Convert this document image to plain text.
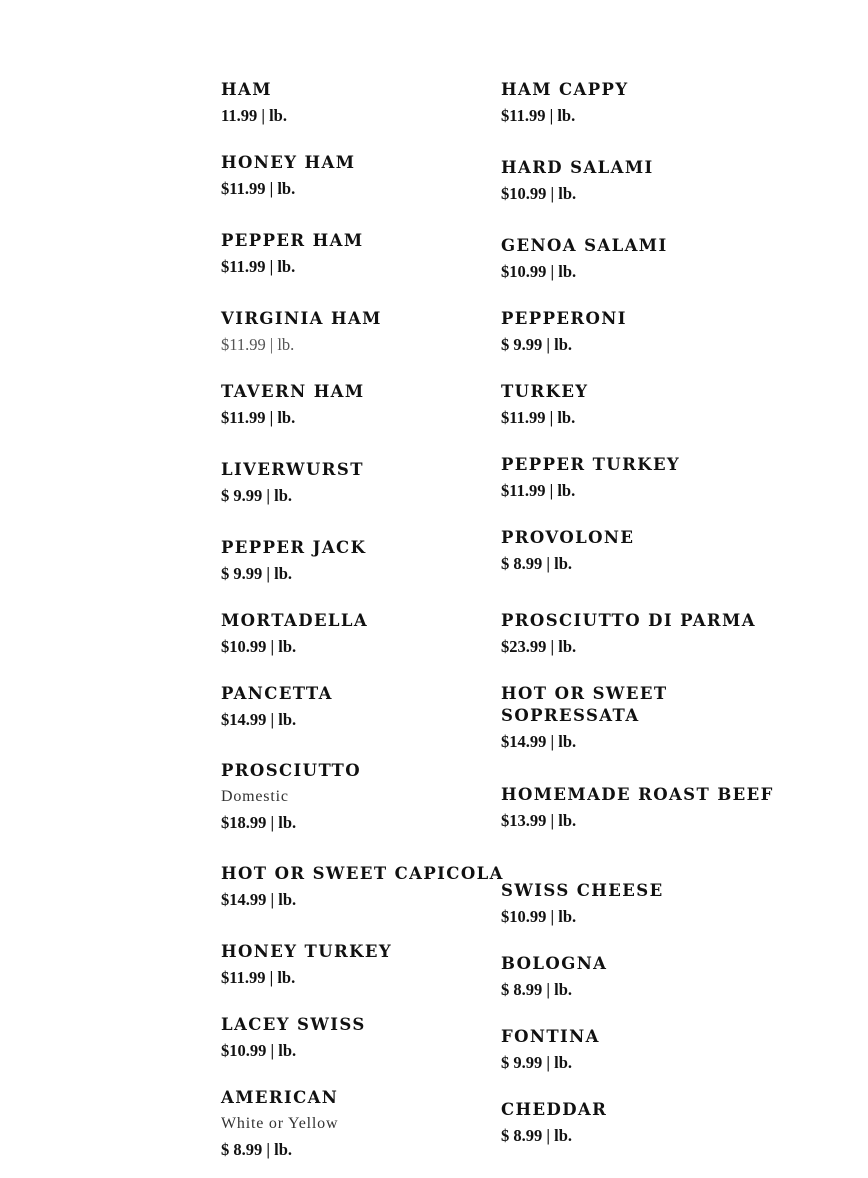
HAM
11.99 | lb.
HONEY HAM
$11.99 | lb.
PEPPER HAM
$11.99 | lb.
VIRGINIA HAM
$11.99 | lb.
TAVERN HAM
$11.99 | lb.
LIVERWURST
$ 9.99 | lb.
PEPPER JACK
$ 9.99 | lb.
MORTADELLA
$10.99 | lb.
PANCETTA
$14.99 | lb.
PROSCIUTTO
Domestic
$18.99 | lb.
HOT OR SWEET CAPICOLA
$14.99 | lb.
HONEY TURKEY
$11.99 | lb.
LACEY SWISS
$10.99 | lb.
AMERICAN
White or Yellow
$ 8.99 | lb.
HAM CAPPY
$11.99 | lb.
HARD SALAMI
$10.99 | lb.
GENOA SALAMI
$10.99 | lb.
PEPPERONI
$ 9.99 | lb.
TURKEY
$11.99 | lb.
PEPPER TURKEY
$11.99 | lb.
PROVOLONE
$ 8.99 | lb.
PROSCIUTTO DI PARMA
$23.99 | lb.
HOT OR SWEET
SOPRESSATA
$14.99 | lb.
HOMEMADE ROAST BEEF
$13.99 | lb.
SWISS CHEESE
$10.99 | lb.
BOLOGNA
$ 8.99 | lb.
FONTINA
$ 9.99 | lb.
CHEDDAR
$ 8.99 | lb.
